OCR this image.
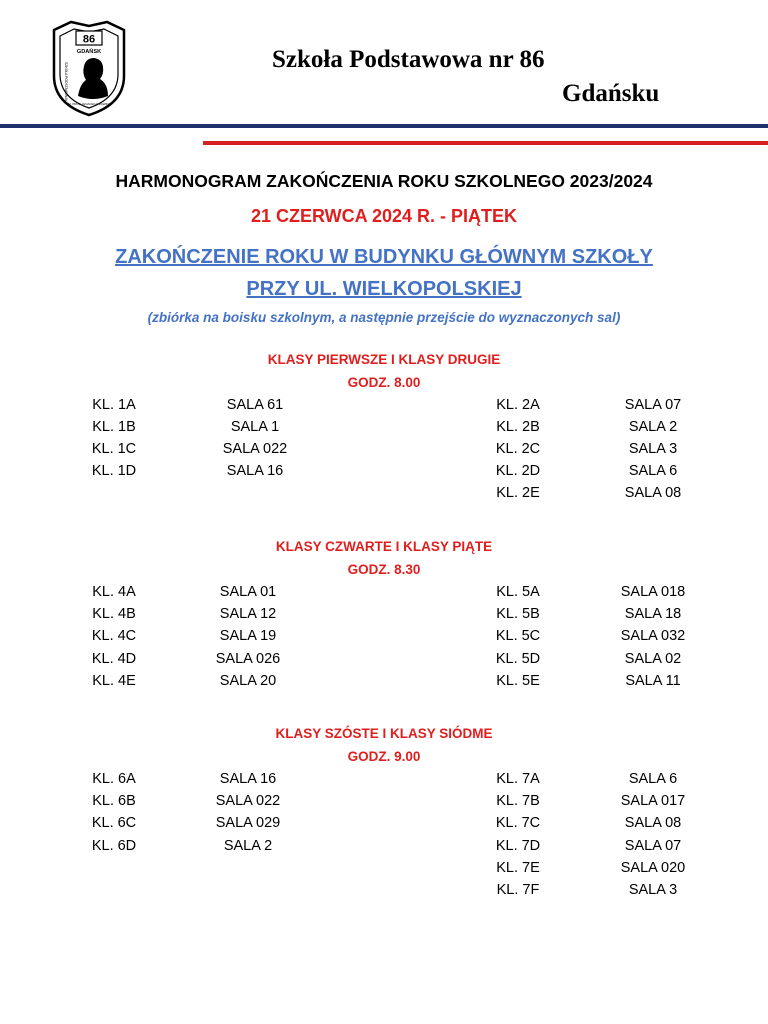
86
GDAŃSK
SZKOŁA PODSTAWOWA
IM. PROF. IGNACEGO ZAWIDY
Szkoła Podstawowa nr 86
Gdańsku
HARMONOGRAM ZAKOŃCZENIA ROKU SZKOLNEGO 2023/2024
21 CZERWCA 2024 R. - PIĄTEK
ZAKOŃCZENIE ROKU W BUDYNKU GŁÓWNYM SZKOŁY
PRZY UL. WIELKOPOLSKIEJ
(zbiórka na boisku szkolnym, a następnie przejście do wyznaczonych sal)
KLASY PIERWSZE I KLASY DRUGIE
GODZ. 8.00
KL. 1A	SALA 61
KL. 1B	SALA 1
KL. 1C	SALA 022
KL. 1D	SALA 16
KL. 2A	SALA 07
KL. 2B	SALA 2
KL. 2C	SALA 3
KL. 2D	SALA 6
KL. 2E	SALA 08
KLASY CZWARTE I KLASY PIĄTE
GODZ. 8.30
KL. 4A	SALA 01
KL. 4B	SALA 12
KL. 4C	SALA 19
KL. 4D	SALA 026
KL. 4E	SALA 20
KL. 5A	SALA 018
KL. 5B	SALA 18
KL. 5C	SALA 032
KL. 5D	SALA 02
KL. 5E	SALA 11
KLASY SZÓSTE I KLASY SIÓDME
GODZ. 9.00
KL. 6A	SALA 16
KL. 6B	SALA 022
KL. 6C	SALA 029
KL. 6D	SALA 2
KL. 7A	SALA 6
KL. 7B	SALA 017
KL. 7C	SALA 08
KL. 7D	SALA 07
KL. 7E	SALA 020
KL. 7F	SALA 3
